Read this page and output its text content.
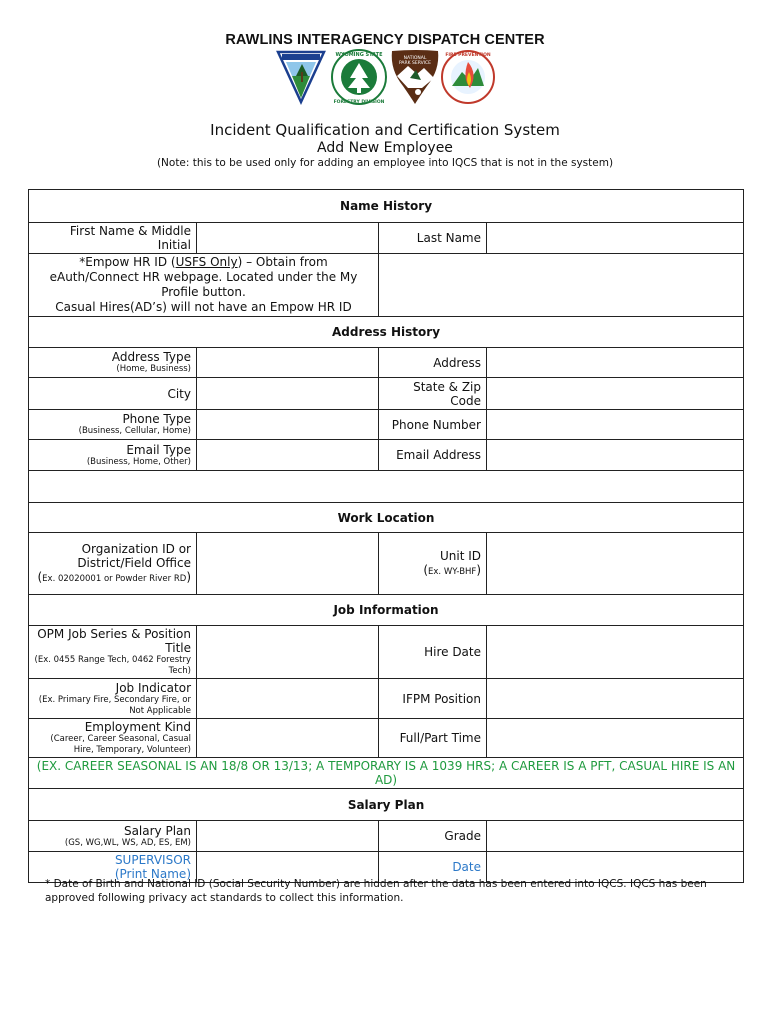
RAWLINS INTERAGENCY DISPATCH CENTER
WYOMING STATE
FORESTRY DIVISION
NATIONAL
PARK SERVICE
FIRE PREVENTION
Incident Qualification and Certification System
Add New Employee
(Note: this to be used only for adding an employee into IQCS that is not in the system)
Name History			
First Name & Middle Initial		Last Name	
*Empow HR ID (USFS Only) – Obtain from eAuth/Connect HR webpage. Located under the My Profile button.
Casual Hires(AD’s) will not have an Empow HR ID			
Address History			
Address Type
(Home, Business)		Address	
City		State & Zip Code	
Phone Type
(Business, Cellular, Home)		Phone Number	
Email Type
(Business, Home, Other)		Email Address	

Work Location			
Organization ID or District/Field Office
(Ex. 02020001 or Powder River RD)		Unit ID
(Ex. WY-BHF)	
Job Information			
OPM Job Series & Position Title
(Ex. 0455 Range Tech, 0462 Forestry Tech)		Hire Date	
Job Indicator
(Ex. Primary Fire, Secondary Fire, or Not Applicable		IFPM Position	
Employment Kind
(Career, Career Seasonal, Casual Hire, Temporary, Volunteer)		Full/Part Time	
(EX. CAREER SEASONAL IS AN 18/8 OR 13/13; A TEMPORARY IS A 1039 HRS; A CAREER IS A PFT, CASUAL HIRE IS AN AD)			
Salary Plan			
Salary Plan
(GS, WG,WL, WS, AD, ES, EM)		Grade	
SUPERVISOR
(Print Name)		Date	
* Date of Birth and National ID (Social Security Number) are hidden after the data has been entered into IQCS. IQCS has been approved following privacy act standards to collect this information.
